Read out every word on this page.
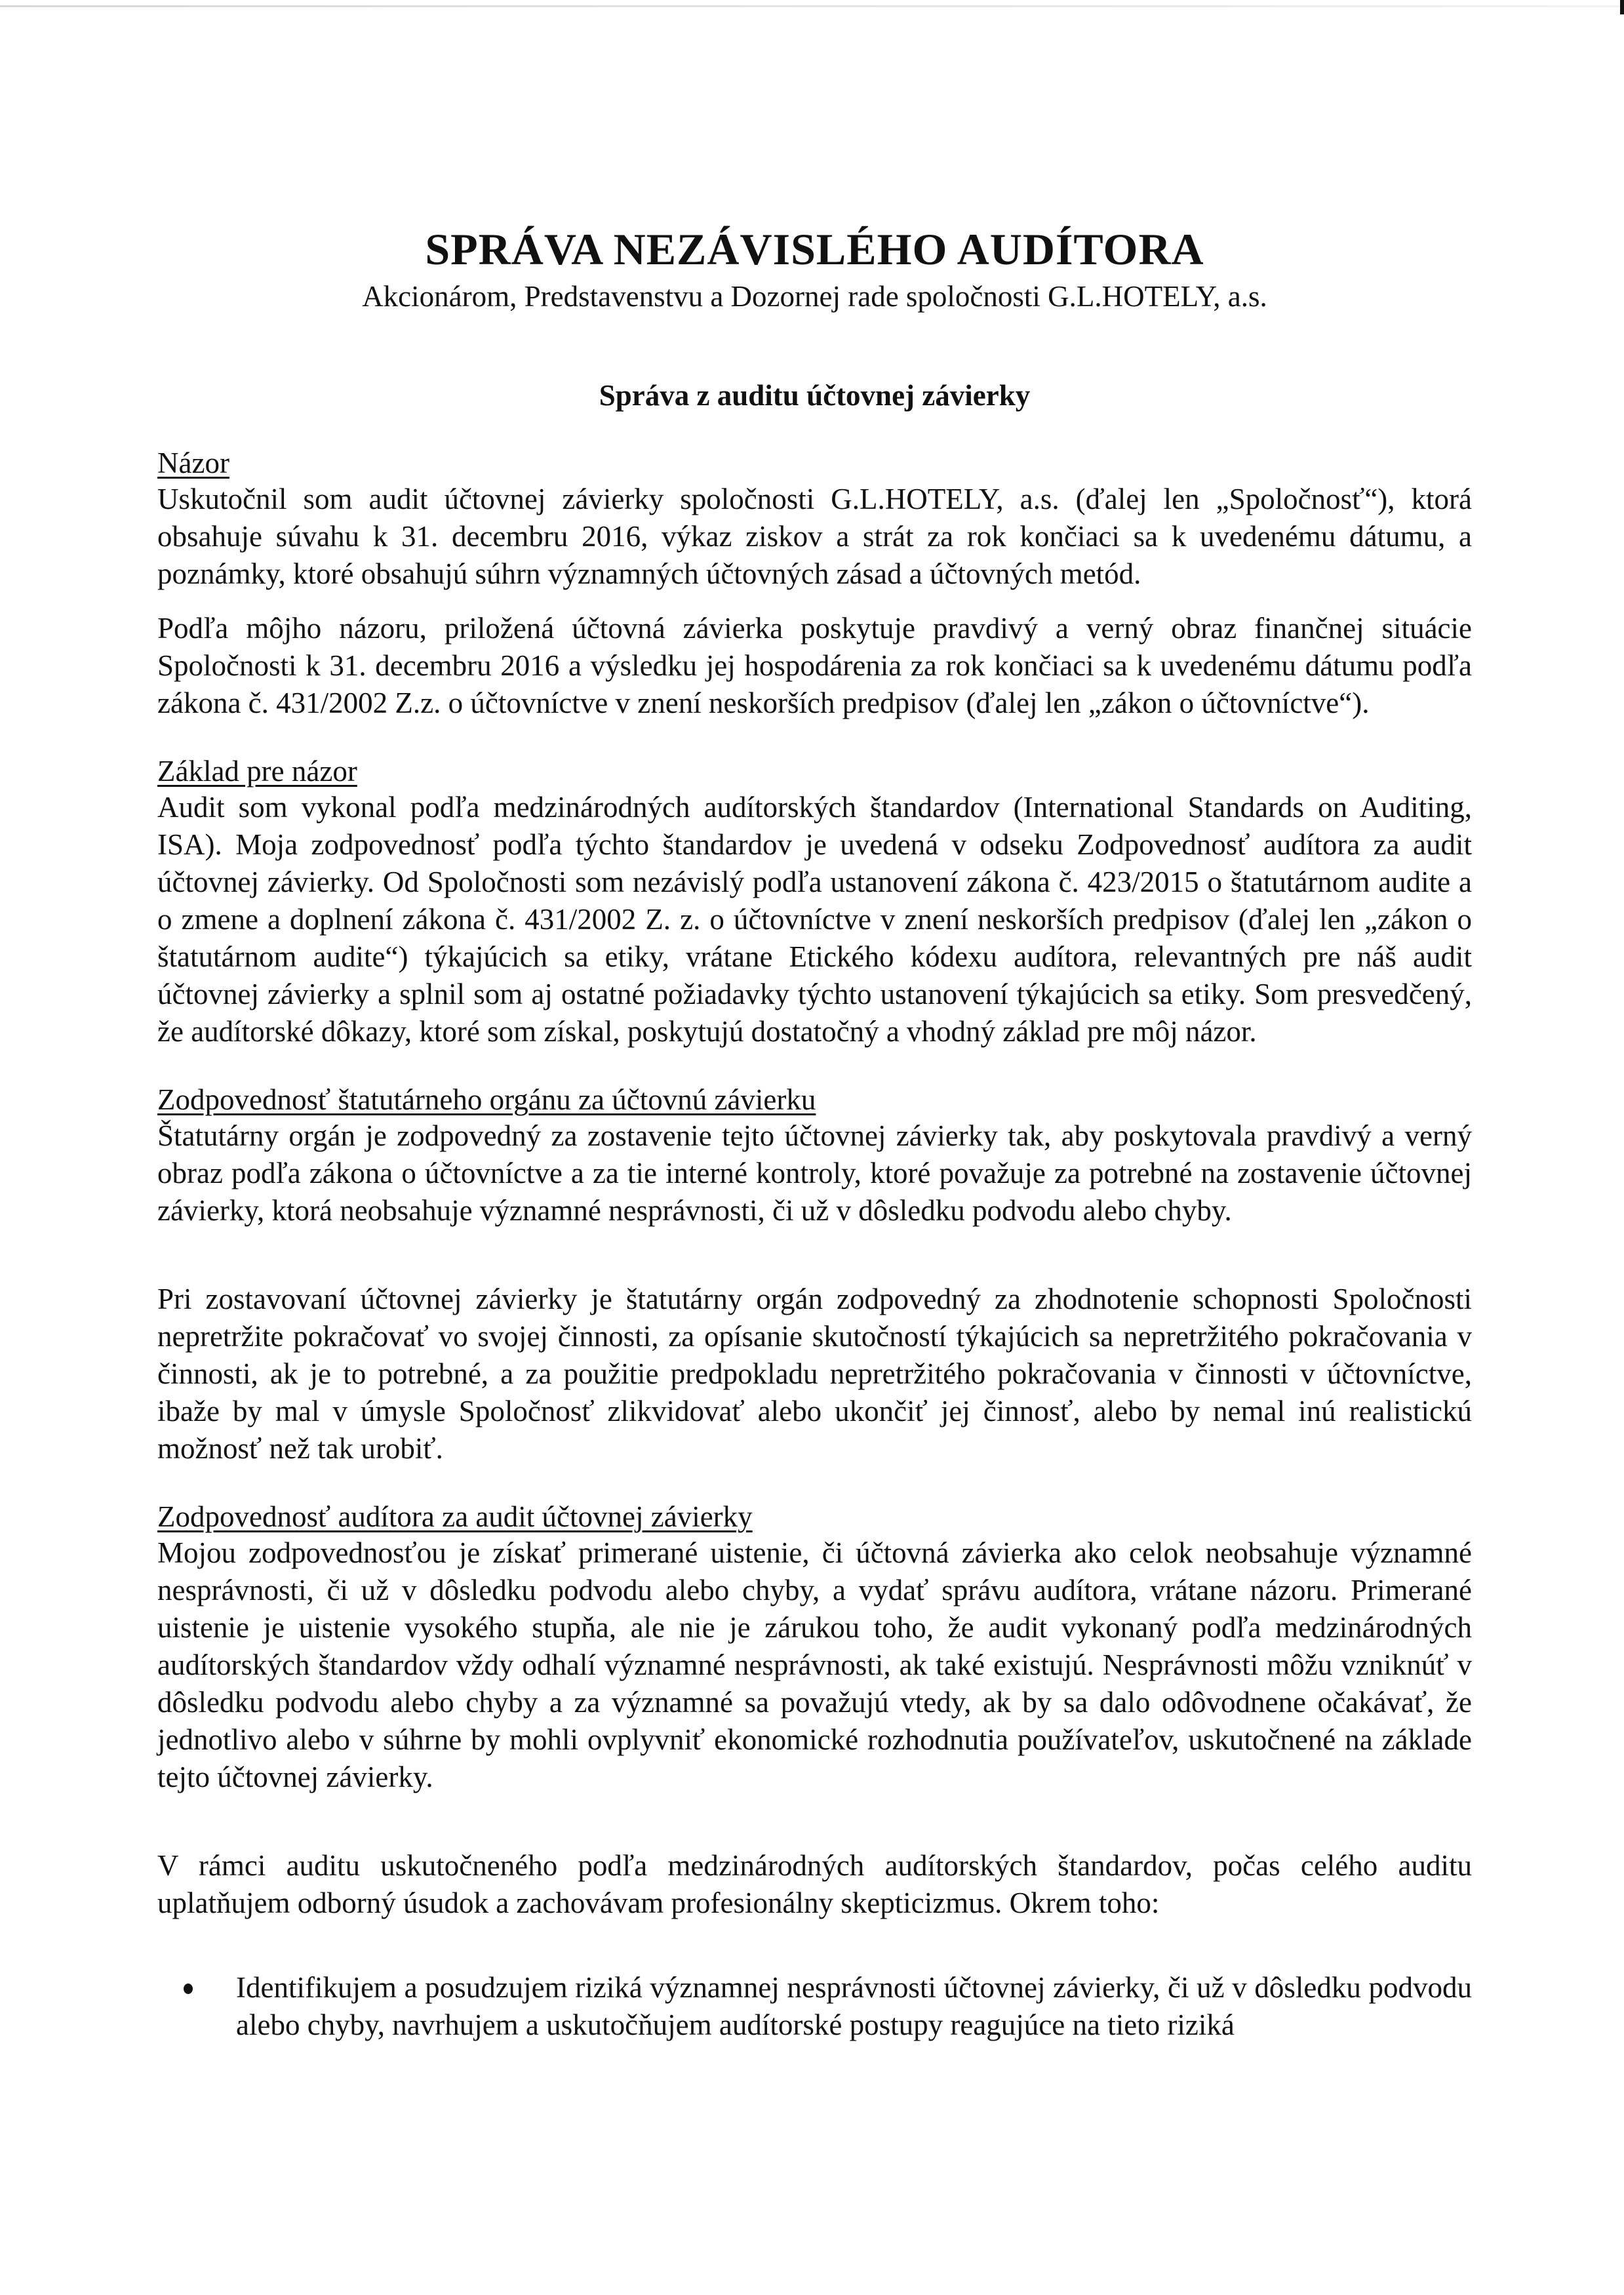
SPRÁVA NEZÁVISLÉHO AUDÍTORA
Akcionárom, Predstavenstvu a Dozornej rade spoločnosti G.L.HOTELY, a.s.
Správa z auditu účtovnej závierky
Názor

Uskutočnil som audit účtovnej závierky spoločnosti G.L.HOTELY, a.s. (ďalej len „Spoločnosť“), ktorá obsahuje súvahu k 31. decembru 2016, výkaz ziskov a strát za rok končiaci sa k uvedenému dátumu, a poznámky, ktoré obsahujú súhrn významných účtovných zásad a účtovných metód.

Podľa môjho názoru, priložená účtovná závierka poskytuje pravdivý a verný obraz finančnej situácie Spoločnosti k 31. decembru 2016 a výsledku jej hospodárenia za rok končiaci sa k uvedenému dátumu podľa zákona č. 431/2002 Z.z. o účtovníctve v znení neskorších predpisov (ďalej len „zákon o účtovníctve“).

Základ pre názor

Audit som vykonal podľa medzinárodných audítorských štandardov (International Standards on Auditing, ISA). Moja zodpovednosť podľa týchto štandardov je uvedená v odseku Zodpovednosť audítora za audit účtovnej závierky. Od Spoločnosti som nezávislý podľa ustanovení zákona č. 423/2015 o štatutárnom audite a o zmene a doplnení zákona č. 431/2002 Z. z. o účtovníctve v znení neskorších predpisov (ďalej len „zákon o štatutárnom audite“) týkajúcich sa etiky, vrátane Etického kódexu audítora, relevantných pre náš audit účtovnej závierky a splnil som aj ostatné požiadavky týchto ustanovení týkajúcich sa etiky. Som presvedčený, že audítorské dôkazy, ktoré som získal, poskytujú dostatočný a vhodný základ pre môj názor.

Zodpovednosť štatutárneho orgánu za účtovnú závierku

Štatutárny orgán je zodpovedný za zostavenie tejto účtovnej závierky tak, aby poskytovala pravdivý a verný obraz podľa zákona o účtovníctve a za tie interné kontroly, ktoré považuje za potrebné na zostavenie účtovnej závierky, ktorá neobsahuje významné nesprávnosti, či už v dôsledku podvodu alebo chyby.

Pri zostavovaní účtovnej závierky je štatutárny orgán zodpovedný za zhodnotenie schopnosti Spoločnosti nepretržite pokračovať vo svojej činnosti, za opísanie skutočností týkajúcich sa nepretržitého pokračovania v činnosti, ak je to potrebné, a za použitie predpokladu nepretržitého pokračovania v činnosti v účtovníctve, ibaže by mal v úmysle Spoločnosť zlikvidovať alebo ukončiť jej činnosť, alebo by nemal inú realistickú možnosť než tak urobiť.

Zodpovednosť audítora za audit účtovnej závierky

Mojou zodpovednosťou je získať primerané uistenie, či účtovná závierka ako celok neobsahuje významné nesprávnosti, či už v dôsledku podvodu alebo chyby, a vydať správu audítora, vrátane názoru. Primerané uistenie je uistenie vysokého stupňa, ale nie je zárukou toho, že audit vykonaný podľa medzinárodných audítorských štandardov vždy odhalí významné nesprávnosti, ak také existujú. Nesprávnosti môžu vzniknúť v dôsledku podvodu alebo chyby a za významné sa považujú vtedy, ak by sa dalo odôvodnene očakávať, že jednotlivo alebo v súhrne by mohli ovplyvniť ekonomické rozhodnutia používateľov, uskutočnené na základe tejto účtovnej závierky.

V rámci auditu uskutočneného podľa medzinárodných audítorských štandardov, počas celého auditu uplatňujem odborný úsudok a zachovávam profesionálny skepticizmus. Okrem toho:

Identifikujem a posudzujem riziká významnej nesprávnosti účtovnej závierky, či už v dôsledku podvodu alebo chyby, navrhujem a uskutočňujem audítorské postupy reagujúce na tieto riziká
